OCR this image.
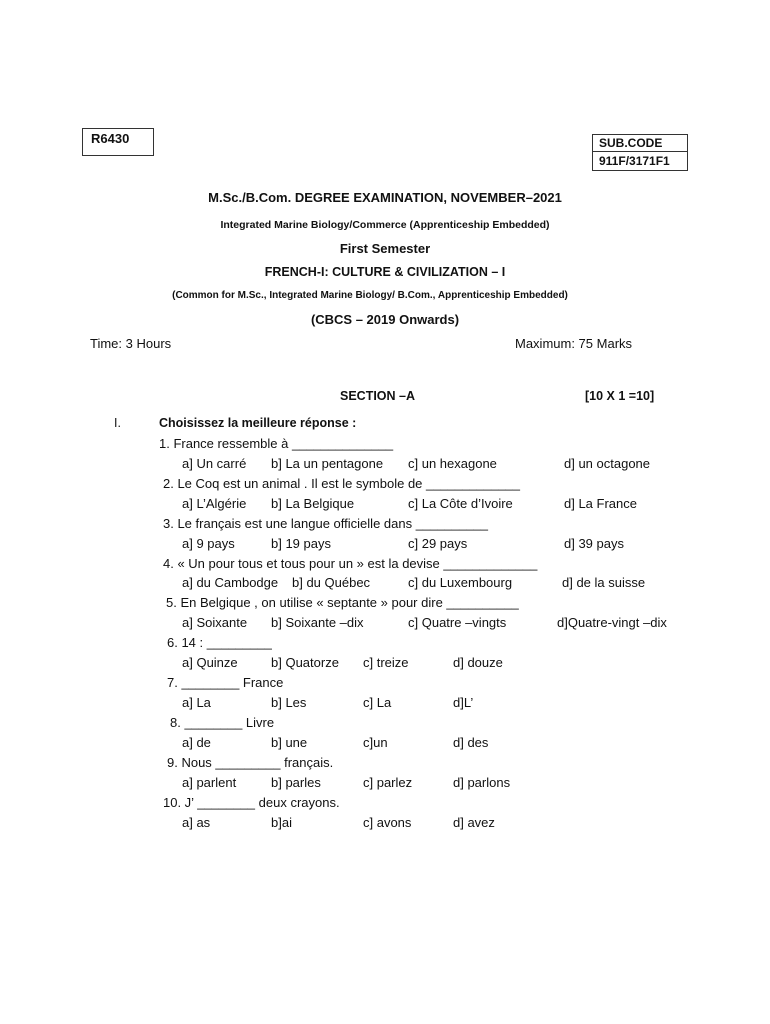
R6430	SUB.CODE
911F/3171F1
M.Sc./B.Com. DEGREE EXAMINATION, NOVEMBER–2021
Integrated Marine Biology/Commerce (Apprenticeship Embedded)
First Semester
FRENCH-I: CULTURE & CIVILIZATION – I
(Common for M.Sc., Integrated Marine Biology/ B.Com., Apprenticeship Embedded)
(CBCS – 2019 Onwards)
Time: 3 Hours	Maximum: 75 Marks
SECTION –A	[10 X 1 =10]
I.	Choisissez la meilleure réponse :
1. France ressemble à ______________
a] Un carré b] La un pentagone c] un hexagone	d] un octagone
2. Le Coq est un animal . Il est le symbole de _____________
a] L’Algérie b] La Belgique	c] La Côte d’Ivoire	d] La France
3. Le français est une langue officielle dans __________
a] 9 pays	b] 19 pays	c] 29 pays	d] 39 pays
4. « Un pour tous et tous pour un » est la devise _____________
a] du Cambodge b] du Québec	c] du Luxembourg	d] de la suisse
5. En Belgique , on utilise « septante » pour dire __________
a] Soixante b] Soixante –dix	c] Quatre –vingts	d]Quatre-vingt –dix
6. 14 : _________
a] Quinze	b] Quatorze c] treize	d] douze
7. ________ France
a] La	b] Les	c] La	d]L’
8. ________ Livre
a] de	b] une	c]un	d] des
9. Nous _________ français.
a] parlent	b] parles	c] parlez	d] parlons
10. J’ ________ deux crayons.
a] as	b]ai	c] avons	d] avez
